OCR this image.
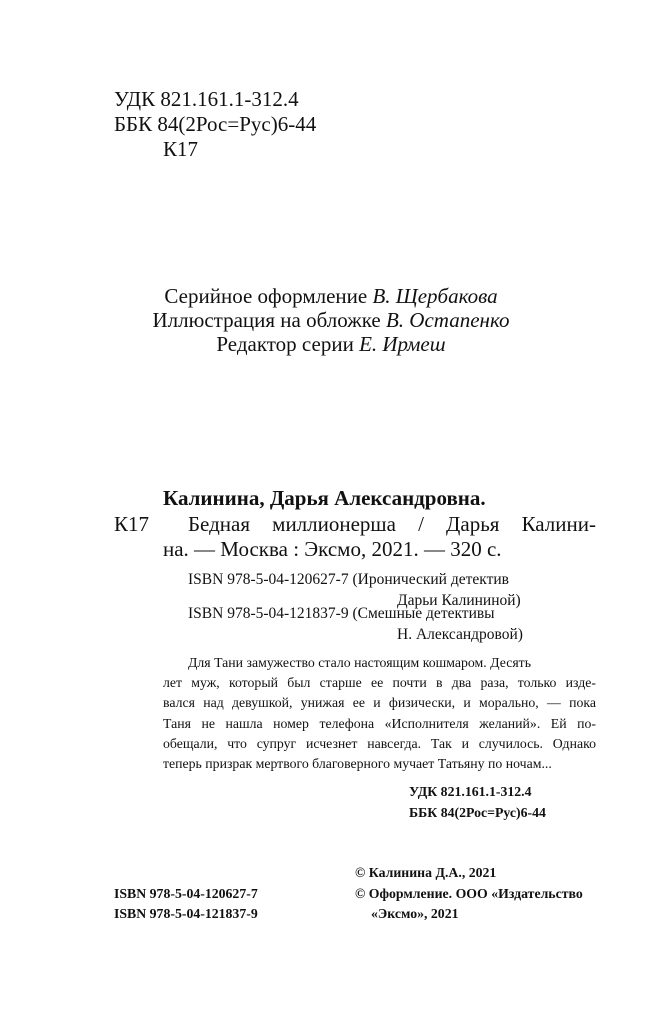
УДК 821.161.1-312.4
ББК 84(2Рос=Рус)6-44
К17
Серийное оформление В. Щербакова
Иллюстрация на обложке В. Остапенко
Редактор серии Е. Ирмеш
Калинина, Дарья Александровна.
К17 Бедная миллионерша / Дарья Калини-
на. — Москва : Эксмо, 2021. — 320 с.
ISBN 978-5-04-120627-7 (Иронический детектив
Дарьи Калининой)
ISBN 978-5-04-121837-9 (Смешные детективы
Н. Александровой)
Для Тани замужество стало настоящим кошмаром. Десять
лет муж, который был старше ее почти в два раза, только изде-
вался над девушкой, унижая ее и физически, и морально, — пока
Таня не нашла номер телефона «Исполнителя желаний». Ей по-
обещали, что супруг исчезнет навсегда. Так и случилось. Однако
теперь призрак мертвого благоверного мучает Татьяну по ночам...
УДК 821.161.1-312.4
ББК 84(2Рос=Рус)6-44
ISBN 978-5-04-120627-7
ISBN 978-5-04-121837-9
© Калинина Д.А., 2021
© Оформление. ООО «Издательство
«Эксмо», 2021
